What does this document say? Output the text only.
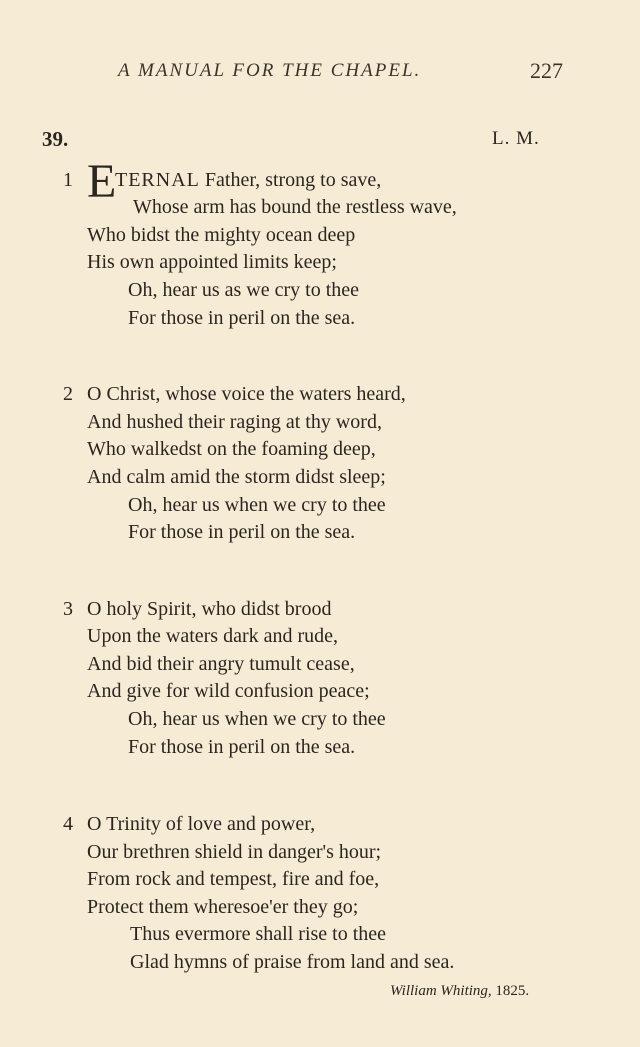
A MANUAL FOR THE CHAPEL.	227
39.	L. M.
1 E
TERNAL Father, strong to save,
Whose arm has bound the restless wave,
Who bidst the mighty ocean deep
His own appointed limits keep;
Oh, hear us as we cry to thee
For those in peril on the sea.
2 O Christ, whose voice the waters heard,
And hushed their raging at thy word,
Who walkedst on the foaming deep,
And calm amid the storm didst sleep;
Oh, hear us when we cry to thee
For those in peril on the sea.
3 O holy Spirit, who didst brood
Upon the waters dark and rude,
And bid their angry tumult cease,
And give for wild confusion peace;
Oh, hear us when we cry to thee
For those in peril on the sea.
4 O Trinity of love and power,
Our brethren shield in danger's hour;
From rock and tempest, fire and foe,
Protect them wheresoe'er they go;
Thus evermore shall rise to thee
Glad hymns of praise from land and sea.
William Whiting, 1825.
